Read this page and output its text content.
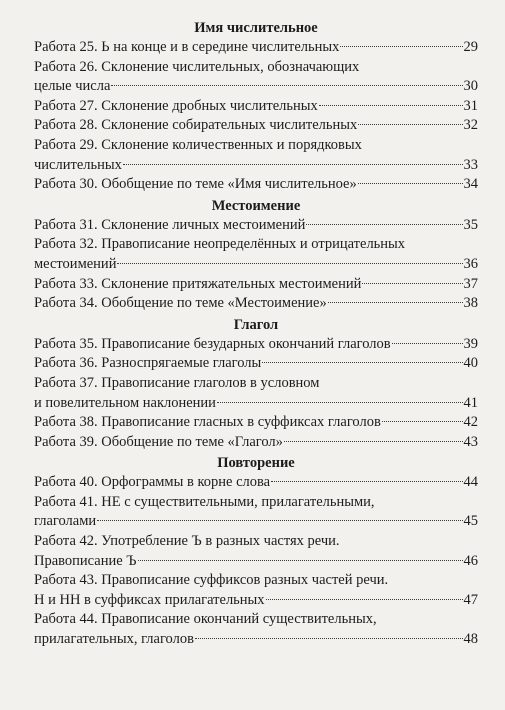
Имя числительное
Работа 25. Ь на конце и в середине числительных	29
Работа 26. Склонение числительных, обозначающих
целые числа	30
Работа 27. Склонение дробных числительных	31
Работа 28. Склонение собирательных числительных	32
Работа 29. Склонение количественных и порядковых
числительных	33
Работа 30. Обобщение по теме «Имя числительное»	34
Местоимение
Работа 31. Склонение личных местоимений	35
Работа 32. Правописание неопределённых и отрицательных
местоимений	36
Работа 33. Склонение притяжательных местоимений	37
Работа 34. Обобщение по теме «Местоимение»	38
Глагол
Работа 35. Правописание безударных окончаний глаголов	39
Работа 36. Разноспрягаемые глаголы	40
Работа 37. Правописание глаголов в условном
и повелительном наклонении	41
Работа 38. Правописание гласных в суффиксах глаголов	42
Работа 39. Обобщение по теме «Глагол»	43
Повторение
Работа 40. Орфограммы в корне слова	44
Работа 41. НЕ с существительными, прилагательными,
глаголами	45
Работа 42. Употребление Ъ в разных частях речи.
Правописание Ъ	46
Работа 43. Правописание суффиксов разных частей речи.
Н и НН в суффиксах прилагательных	47
Работа 44. Правописание окончаний существительных,
прилагательных, глаголов	48
